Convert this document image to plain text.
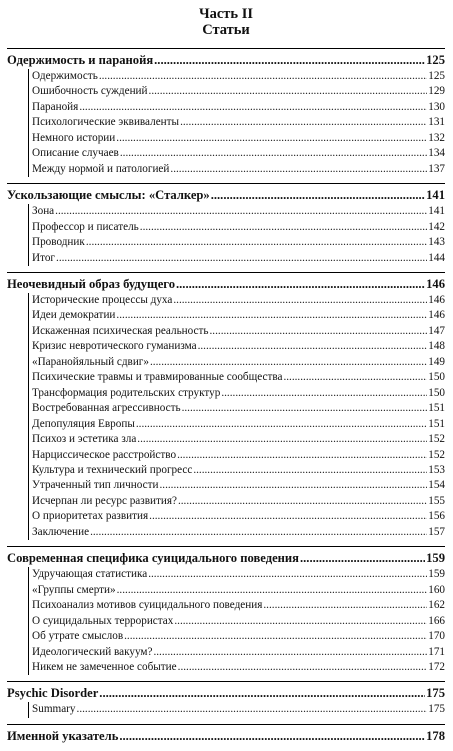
Часть II
Статьи
Одержимость и паранойя .....	125
Одержимость .....	125
Ошибочность суждений .....	129
Паранойя .....	130
Психологические эквиваленты .....	131
Немного истории .....	132
Описание случаев .....	134
Между нормой и патологией .....	137
Ускользающие смыслы: «Сталкер» .....	141
Зона .....	141
Профессор и писатель .....	142
Проводник .....	143
Итог .....	144
Неочевидный образ будущего .....	146
Исторические процессы духа .....	146
Идеи демократии .....	146
Искаженная психическая реальность .....	147
Кризис невротического гуманизма .....	148
«Паранойяльный сдвиг» .....	149
Психические травмы и травмированные сообщества .....	150
Трансформация родительских структур .....	150
Востребованная агрессивность .....	151
Депопуляция Европы .....	151
Психоз и эстетика зла .....	152
Нарциссическое расстройство .....	152
Культура и технический прогресс .....	153
Утраченный тип личности .....	154
Исчерпан ли ресурс развития? .....	155
О приоритетах развития .....	156
Заключение .....	157
Современная специфика суицидального поведения .....	159
Удручающая статистика .....	159
«Группы смерти» .....	160
Психоанализ мотивов суицидального поведения .....	162
О суицидальных террористах .....	166
Об утрате смыслов .....	170
Идеологический вакуум? .....	171
Никем не замеченное событие .....	172
Psychic Disorder .....	175
Summary .....	175
Именной указатель .....	178
